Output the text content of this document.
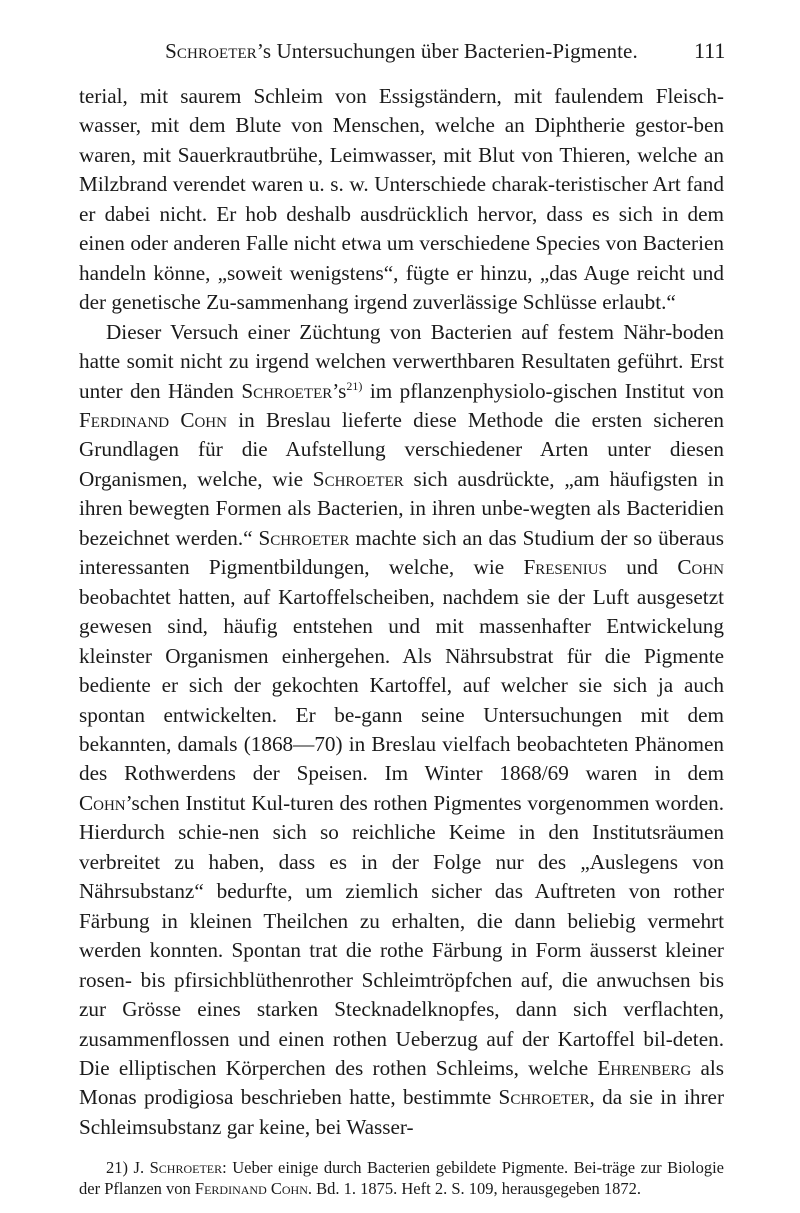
Schroeter’s Untersuchungen über Bacterien-Pigmente.	111

terial, mit saurem Schleim von Essigständern, mit faulendem Fleisch-wasser, mit dem Blute von Menschen, welche an Diphtherie gestor-ben waren, mit Sauerkrautbrühe, Leimwasser, mit Blut von Thieren, welche an Milzbrand verendet waren u. s. w. Unterschiede charak-teristischer Art fand er dabei nicht. Er hob deshalb ausdrücklich hervor, dass es sich in dem einen oder anderen Falle nicht etwa um verschiedene Species von Bacterien handeln könne, „soweit wenigstens“, fügte er hinzu, „das Auge reicht und der genetische Zu-sammenhang irgend zuverlässige Schlüsse erlaubt.“

Dieser Versuch einer Züchtung von Bacterien auf festem Nähr-boden hatte somit nicht zu irgend welchen verwerthbaren Resultaten geführt. Erst unter den Händen $Schroeter’s^{21)}$ im pflanzenphysiolo-gischen Institut von Ferdinand Cohn in Breslau lieferte diese Methode die ersten sicheren Grundlagen für die Aufstellung verschiedener Arten unter diesen Organismen, welche, wie Schroeter sich ausdrückte, „am häufigsten in ihren bewegten Formen als Bacterien, in ihren unbe-wegten als Bacteridien bezeichnet werden.“ Schroeter machte sich an das Studium der so überaus interessanten Pigmentbildungen, welche, wie Fresenius und Cohn beobachtet hatten, auf Kartoffelscheiben, nachdem sie der Luft ausgesetzt gewesen sind, häufig entstehen und mit massenhafter Entwickelung kleinster Organismen einhergehen. Als Nährsubstrat für die Pigmente bediente er sich der gekochten Kartoffel, auf welcher sie sich ja auch spontan entwickelten. Er be-gann seine Untersuchungen mit dem bekannten, damals (1868—70) in Breslau vielfach beobachteten Phänomen des Rothwerdens der Speisen. Im Winter 1868/69 waren in dem Cohn’schen Institut Kul-turen des rothen Pigmentes vorgenommen worden. Hierdurch schie-nen sich so reichliche Keime in den Institutsräumen verbreitet zu haben, dass es in der Folge nur des „Auslegens von Nährsubstanz“ bedurfte, um ziemlich sicher das Auftreten von rother Färbung in kleinen Theilchen zu erhalten, die dann beliebig vermehrt werden konnten. Spontan trat die rothe Färbung in Form äusserst kleiner rosen- bis pfirsichblüthenrother Schleimtröpfchen auf, die anwuchsen bis zur Grösse eines starken Stecknadelknopfes, dann sich verflachten, zusammenflossen und einen rothen Ueberzug auf der Kartoffel bil-deten. Die elliptischen Körperchen des rothen Schleims, welche Ehrenberg als Monas prodigiosa beschrieben hatte, bestimmte Schroeter, da sie in ihrer Schleimsubstanz gar keine, bei Wasser-

21) J. Schroeter: Ueber einige durch Bacterien gebildete Pigmente. Bei-träge zur Biologie der Pflanzen von Ferdinand Cohn. Bd. 1. 1875. Heft 2. S. 109, herausgegeben 1872.
